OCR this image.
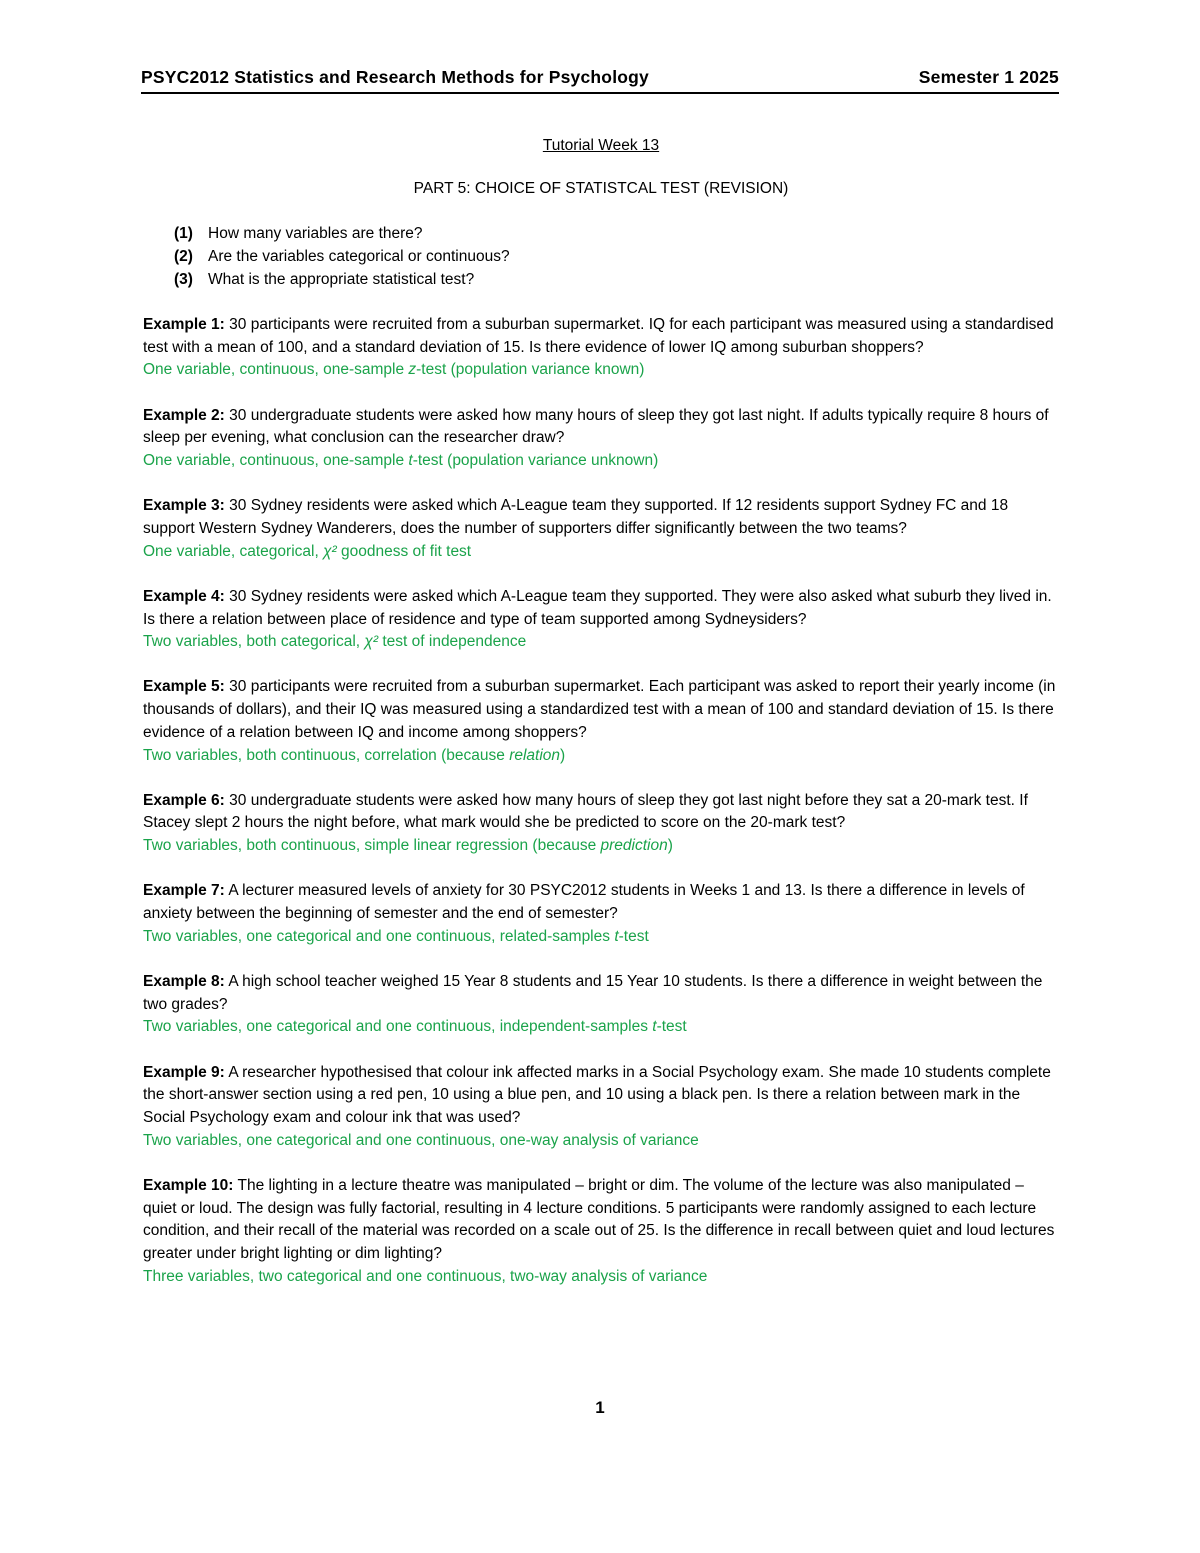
PSYC2012 Statistics and Research Methods for Psychology	Semester 1 2025

Tutorial Week 13

PART 5: CHOICE OF STATISTCAL TEST (REVISION)

(1) How many variables are there?
(2) Are the variables categorical or continuous?
(3) What is the appropriate statistical test?

Example 1: 30 participants were recruited from a suburban supermarket. IQ for each participant was measured using a standardised test with a mean of 100, and a standard deviation of 15. Is there evidence of lower IQ among suburban shoppers?

One variable, continuous, one-sample z-test (population variance known)

Example 2: 30 undergraduate students were asked how many hours of sleep they got last night. If adults typically require 8 hours of sleep per evening, what conclusion can the researcher draw?

One variable, continuous, one-sample t-test (population variance unknown)

Example 3: 30 Sydney residents were asked which A-League team they supported. If 12 residents support Sydney FC and 18 support Western Sydney Wanderers, does the number of supporters differ significantly between the two teams?

One variable, categorical, χ² goodness of fit test

Example 4: 30 Sydney residents were asked which A-League team they supported. They were also asked what suburb they lived in. Is there a relation between place of residence and type of team supported among Sydneysiders?

Two variables, both categorical, χ² test of independence

Example 5: 30 participants were recruited from a suburban supermarket. Each participant was asked to report their yearly income (in thousands of dollars), and their IQ was measured using a standardized test with a mean of 100 and standard deviation of 15. Is there evidence of a relation between IQ and income among shoppers?

Two variables, both continuous, correlation (because relation)

Example 6: 30 undergraduate students were asked how many hours of sleep they got last night before they sat a 20-mark test. If Stacey slept 2 hours the night before, what mark would she be predicted to score on the 20-mark test?

Two variables, both continuous, simple linear regression (because prediction)

Example 7: A lecturer measured levels of anxiety for 30 PSYC2012 students in Weeks 1 and 13. Is there a difference in levels of anxiety between the beginning of semester and the end of semester?

Two variables, one categorical and one continuous, related-samples t-test

Example 8: A high school teacher weighed 15 Year 8 students and 15 Year 10 students. Is there a difference in weight between the two grades?

Two variables, one categorical and one continuous, independent-samples t-test

Example 9: A researcher hypothesised that colour ink affected marks in a Social Psychology exam. She made 10 students complete the short-answer section using a red pen, 10 using a blue pen, and 10 using a black pen. Is there a relation between mark in the Social Psychology exam and colour ink that was used?

Two variables, one categorical and one continuous, one-way analysis of variance

Example 10: The lighting in a lecture theatre was manipulated – bright or dim. The volume of the lecture was also manipulated – quiet or loud. The design was fully factorial, resulting in 4 lecture conditions. 5 participants were randomly assigned to each lecture condition, and their recall of the material was recorded on a scale out of 25. Is the difference in recall between quiet and loud lectures greater under bright lighting or dim lighting?

Three variables, two categorical and one continuous, two-way analysis of variance

1
